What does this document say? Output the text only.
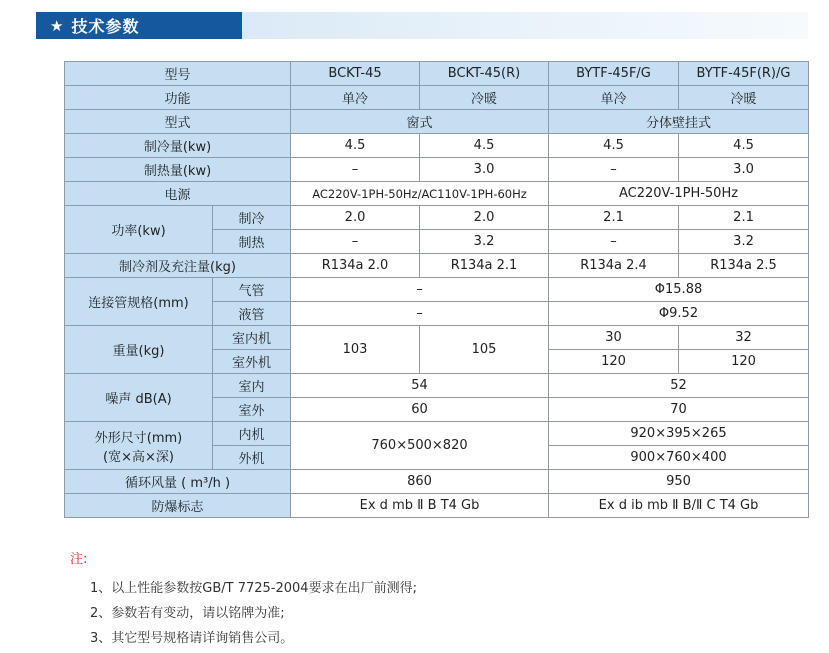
★ 技术参数
型号		BCKT-45	BCKT-45(R)	BYTF-45F/G	BYTF-45F(R)/G
功能		单冷	冷暖	单冷	冷暖
型式		窗式		分体壁挂式	
制冷量(kw)		4.5	4.5	4.5	4.5
制热量(kw)		–	3.0	–	3.0
电源		AC220V-1PH-50Hz/AC110V-1PH-60Hz		AC220V-1PH-50Hz	
功率(kw)	制冷	2.0	2.0	2.1	2.1
	制热	–	3.2	–	3.2
制冷剂及充注量(kg)		R134a 2.0	R134a 2.1	R134a 2.4	R134a 2.5
连接管规格(mm)	气管	–		Φ15.88	
	液管	–		Φ9.52	
重量(kg)	室内机	103	105	30	32
	室外机			120	120
噪声 dB(A)	室内	54		52	
	室外	60		70	

外形尺寸(mm)
(宽×高×深)	内机	760×500×820		920×395×265	
	外机			900×760×400	
循环风量 ( m³/h )		860		950	
防爆标志		Ex d mb Ⅱ B T4 Gb		Ex d ib mb Ⅱ B/Ⅱ C T4 Gb	
注:
1、以上性能参数按GB/T 7725-2004要求在出厂前测得;
2、参数若有变动，请以铭牌为准;
3、其它型号规格请详询销售公司。
